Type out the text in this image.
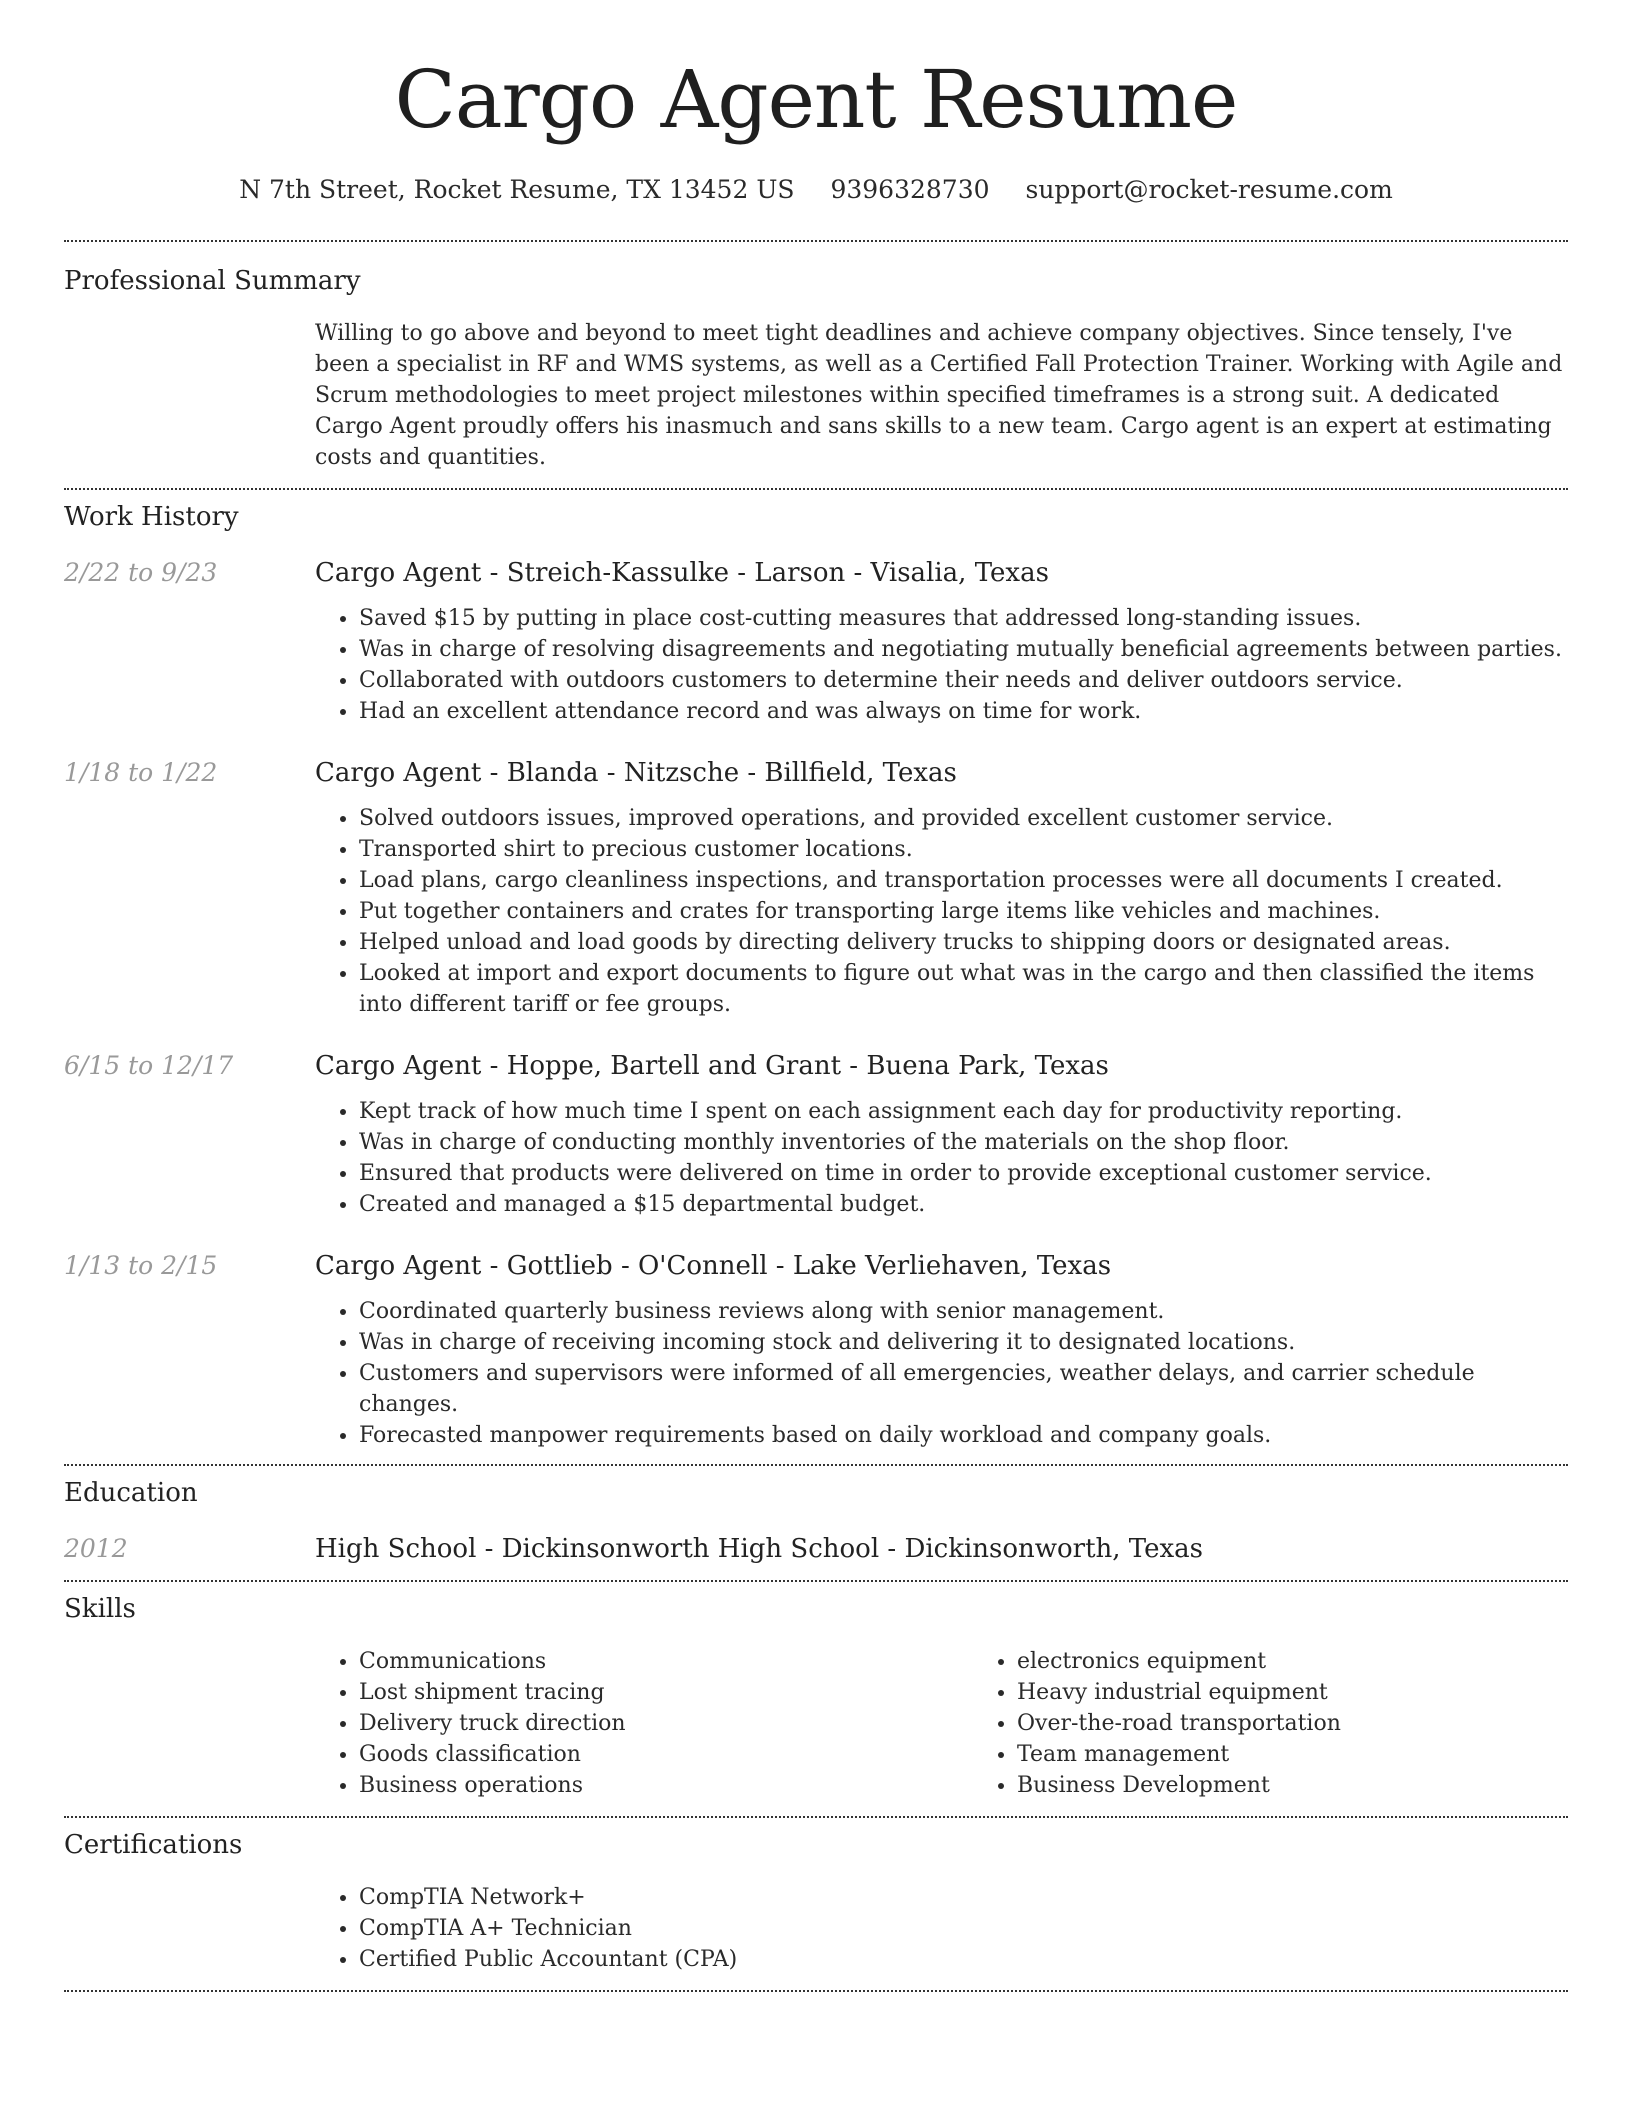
Cargo Agent Resume
N 7th Street, Rocket Resume, TX 13452 US 9396328730 support@rocket-resume.com
Professional Summary

Willing to go above and beyond to meet tight deadlines and achieve company objectives. Since tensely, I've been a specialist in RF and WMS systems, as well as a Certified Fall Protection Trainer. Working with Agile and Scrum methodologies to meet project milestones within specified timeframes is a strong suit. A dedicated Cargo Agent proudly offers his inasmuch and sans skills to a new team. Cargo agent is an expert at estimating costs and quantities.

Work History
2/22 to 9/23	Cargo Agent - Streich-Kassulke - Larson - Visalia, Texas
• Saved $15 by putting in place cost-cutting measures that addressed long-standing issues.
• Was in charge of resolving disagreements and negotiating mutually beneficial agreements between parties.
• Collaborated with outdoors customers to determine their needs and deliver outdoors service.
• Had an excellent attendance record and was always on time for work.
1/18 to 1/22	Cargo Agent - Blanda - Nitzsche - Billfield, Texas
• Solved outdoors issues, improved operations, and provided excellent customer service.
• Transported shirt to precious customer locations.
• Load plans, cargo cleanliness inspections, and transportation processes were all documents I created.
• Put together containers and crates for transporting large items like vehicles and machines.
• Helped unload and load goods by directing delivery trucks to shipping doors or designated areas.
• Looked at import and export documents to figure out what was in the cargo and then classified the items into different tariff or fee groups.
6/15 to 12/17	Cargo Agent - Hoppe, Bartell and Grant - Buena Park, Texas
• Kept track of how much time I spent on each assignment each day for productivity reporting.
• Was in charge of conducting monthly inventories of the materials on the shop floor.
• Ensured that products were delivered on time in order to provide exceptional customer service.
• Created and managed a $15 departmental budget.
1/13 to 2/15	Cargo Agent - Gottlieb - O'Connell - Lake Verliehaven, Texas
• Coordinated quarterly business reviews along with senior management.
• Was in charge of receiving incoming stock and delivering it to designated locations.
• Customers and supervisors were informed of all emergencies, weather delays, and carrier schedule changes.
• Forecasted manpower requirements based on daily workload and company goals.
Education
2012	High School - Dickinsonworth High School - Dickinsonworth, Texas
Skills
• Communications
• Lost shipment tracing
• Delivery truck direction
• Goods classification
• Business operations
• electronics equipment
• Heavy industrial equipment
• Over-the-road transportation
• Team management
• Business Development
Certifications
• CompTIA Network+
• CompTIA A+ Technician
• Certified Public Accountant (CPA)
